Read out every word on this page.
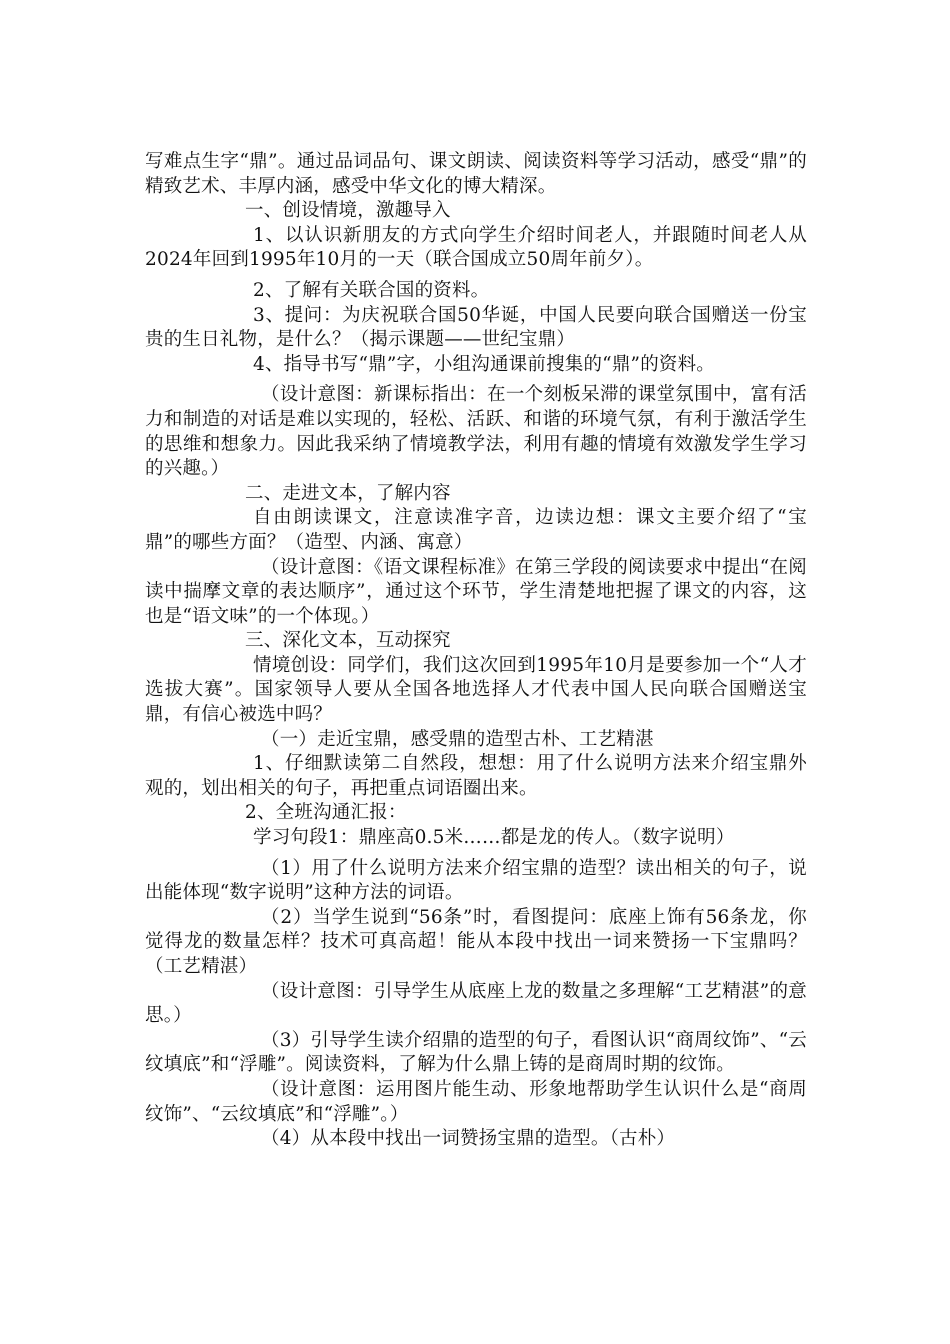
写难点生字“鼎”。通过品词品句、课文朗读、阅读资料等学习活动，感受“鼎”的精致艺术、丰厚内涵，感受中华文化的博大精深。

一、创设情境，激趣导入

1、以认识新朋友的方式向学生介绍时间老人，并跟随时间老人从2024年回到1995年10月的一天（联合国成立50周年前夕）。

2、了解有关联合国的资料。

3、提问：为庆祝联合国50华诞，中国人民要向联合国赠送一份宝贵的生日礼物，是什么？（揭示课题——世纪宝鼎）

4、指导书写“鼎”字，小组沟通课前搜集的“鼎”的资料。

（设计意图：新课标指出：在一个刻板呆滞的课堂氛围中，富有活力和制造的对话是难以实现的，轻松、活跃、和谐的环境气氛，有利于激活学生的思维和想象力。因此我采纳了情境教学法，利用有趣的情境有效激发学生学习的兴趣。）

二、走进文本，了解内容

自由朗读课文，注意读准字音，边读边想：课文主要介绍了“宝鼎”的哪些方面？（造型、内涵、寓意）

（设计意图：《语文课程标准》在第三学段的阅读要求中提出“在阅读中揣摩文章的表达顺序”，通过这个环节，学生清楚地把握了课文的内容，这也是“语文味”的一个体现。）

三、深化文本，互动探究

情境创设：同学们，我们这次回到1995年10月是要参加一个“人才选拔大赛”。国家领导人要从全国各地选择人才代表中国人民向联合国赠送宝鼎，有信心被选中吗？

（一）走近宝鼎，感受鼎的造型古朴、工艺精湛

1、仔细默读第二自然段，想想：用了什么说明方法来介绍宝鼎外观的，划出相关的句子，再把重点词语圈出来。

2、全班沟通汇报：

学习句段1：鼎座高0.5米……都是龙的传人。（数字说明）

（1）用了什么说明方法来介绍宝鼎的造型？读出相关的句子，说出能体现“数字说明”这种方法的词语。

（2）当学生说到“56条”时，看图提问：底座上饰有56条龙，你觉得龙的数量怎样？技术可真高超！能从本段中找出一词来赞扬一下宝鼎吗？（工艺精湛）

（设计意图：引导学生从底座上龙的数量之多理解“工艺精湛”的意思。）

（3）引导学生读介绍鼎的造型的句子，看图认识“商周纹饰”、“云纹填底”和“浮雕”。阅读资料，了解为什么鼎上铸的是商周时期的纹饰。

（设计意图：运用图片能生动、形象地帮助学生认识什么是“商周纹饰”、“云纹填底”和“浮雕”。）

（4）从本段中找出一词赞扬宝鼎的造型。（古朴）
